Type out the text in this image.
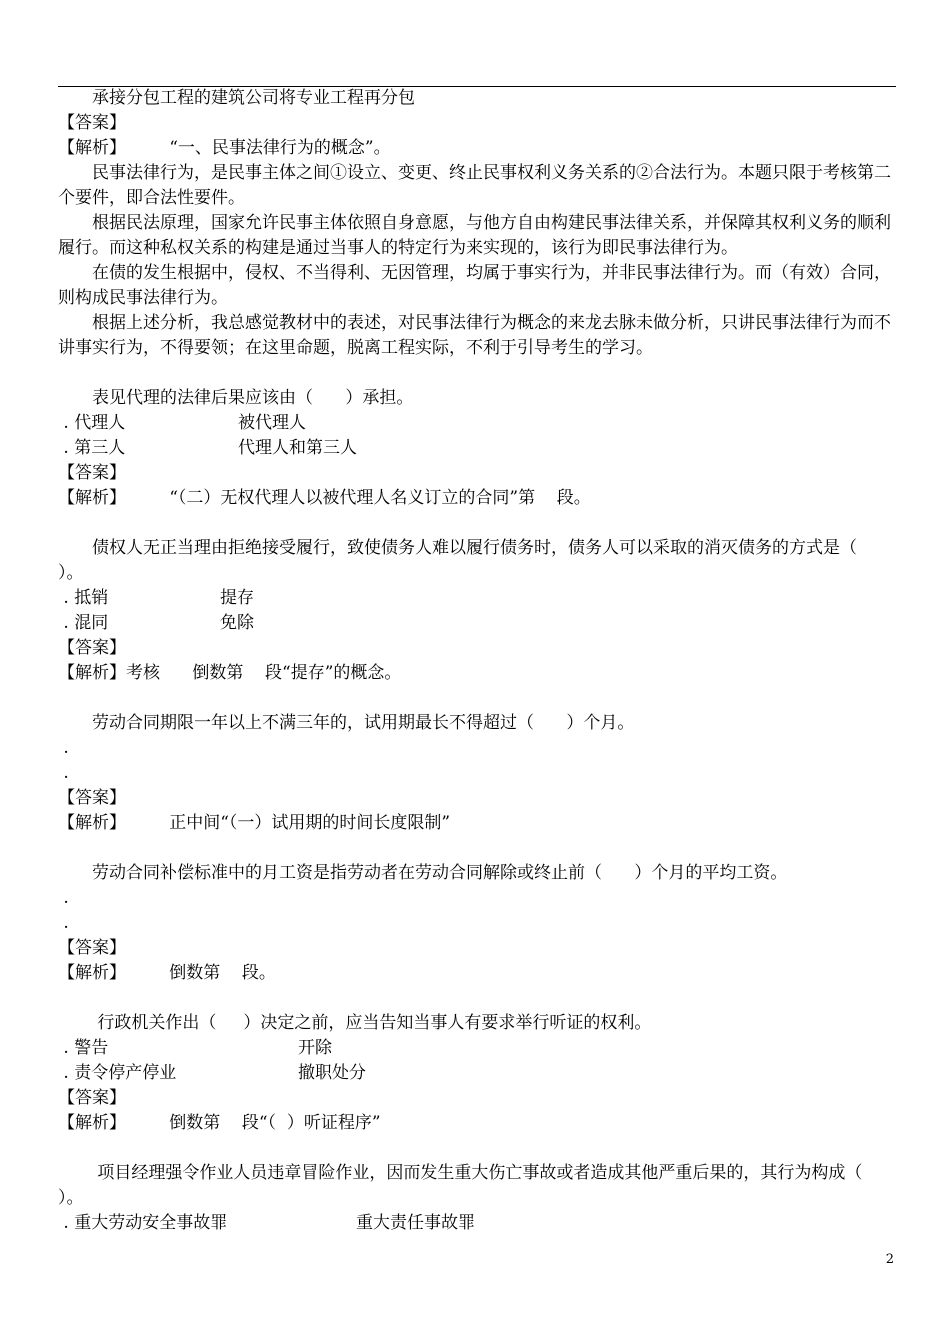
承接分包工程的建筑公司将专业工程再分包

【答案】

【解析】        “一、民事法律行为的概念”。

民事法律行为，是民事主体之间①设立、变更、终止民事权利义务关系的②合法行为。本题只限于考核第二个要件，即合法性要件。

根据民法原理，国家允许民事主体依照自身意愿，与他方自由构建民事法律关系，并保障其权利义务的顺利履行。而这种私权关系的构建是通过当事人的特定行为来实现的，该行为即民事法律行为。

在债的发生根据中，侵权、不当得利、无因管理，均属于事实行为，并非民事法律行为。而（有效）合同，则构成民事法律行为。

根据上述分析，我总感觉教材中的表述，对民事法律行为概念的来龙去脉未做分析，只讲民事法律行为而不讲事实行为，不得要领；在这里命题，脱离工程实际，不利于引导考生的学习。

表见代理的法律后果应该由（      ）承担。

. 代理人	被代理人
. 第三人	代理人和第三人

【答案】

【解析】        “（二）无权代理人以被代理人名义订立的合同”第    段。

债权人无正当理由拒绝接受履行，致使债务人难以履行债务时，债务人可以采取的消灭债务的方式是（      ）。

. 抵销	提存
. 混同	免除

【答案】

【解析】考核      倒数第    段“提存”的概念。

劳动合同期限一年以上不满三年的，试用期最长不得超过（      ）个月。

.

.

【答案】

【解析】        正中间“（一）试用期的时间长度限制”

劳动合同补偿标准中的月工资是指劳动者在劳动合同解除或终止前（      ）个月的平均工资。

.

.

【答案】

【解析】        倒数第    段。

行政机关作出（     ）决定之前，应当告知当事人有要求举行听证的权利。

. 警告	开除
. 责令停产停业	撤职处分

【答案】

【解析】        倒数第    段“（  ）听证程序”

项目经理强令作业人员违章冒险作业，因而发生重大伤亡事故或者造成其他严重后果的，其行为构成（      ）。

. 重大劳动安全事故罪	重大责任事故罪
2
